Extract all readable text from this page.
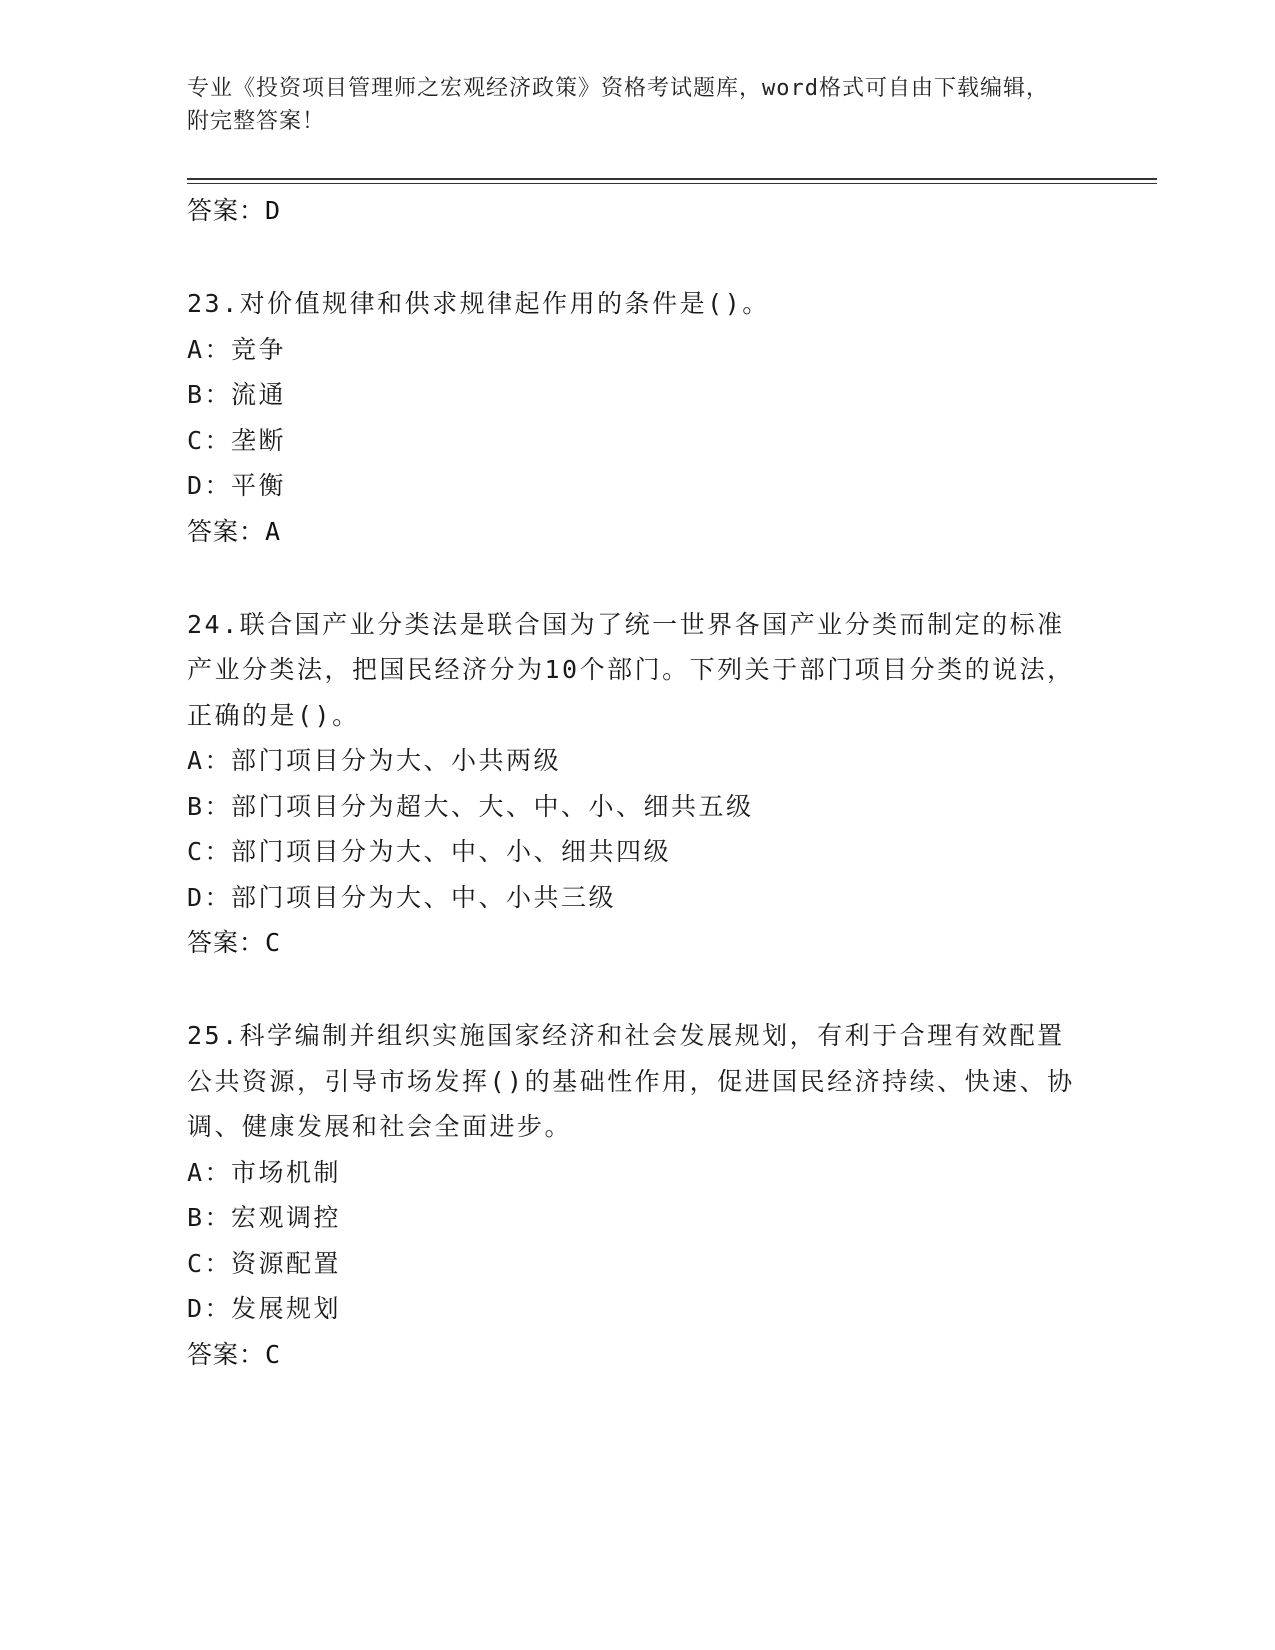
专业《投资项目管理师之宏观经济政策》资格考试题库，word格式可自由下载编辑，附完整答案！
答案：D
23.对价值规律和供求规律起作用的条件是()。
A：竞争
B：流通
C：垄断
D：平衡
答案：A
24.联合国产业分类法是联合国为了统一世界各国产业分类而制定的标准产业分类法，把国民经济分为10个部门。下列关于部门项目分类的说法，正确的是()。
A：部门项目分为大、小共两级
B：部门项目分为超大、大、中、小、细共五级
C：部门项目分为大、中、小、细共四级
D：部门项目分为大、中、小共三级
答案：C
25.科学编制并组织实施国家经济和社会发展规划，有利于合理有效配置公共资源，引导市场发挥()的基础性作用，促进国民经济持续、快速、协调、健康发展和社会全面进步。
A：市场机制
B：宏观调控
C：资源配置
D：发展规划
答案：C
